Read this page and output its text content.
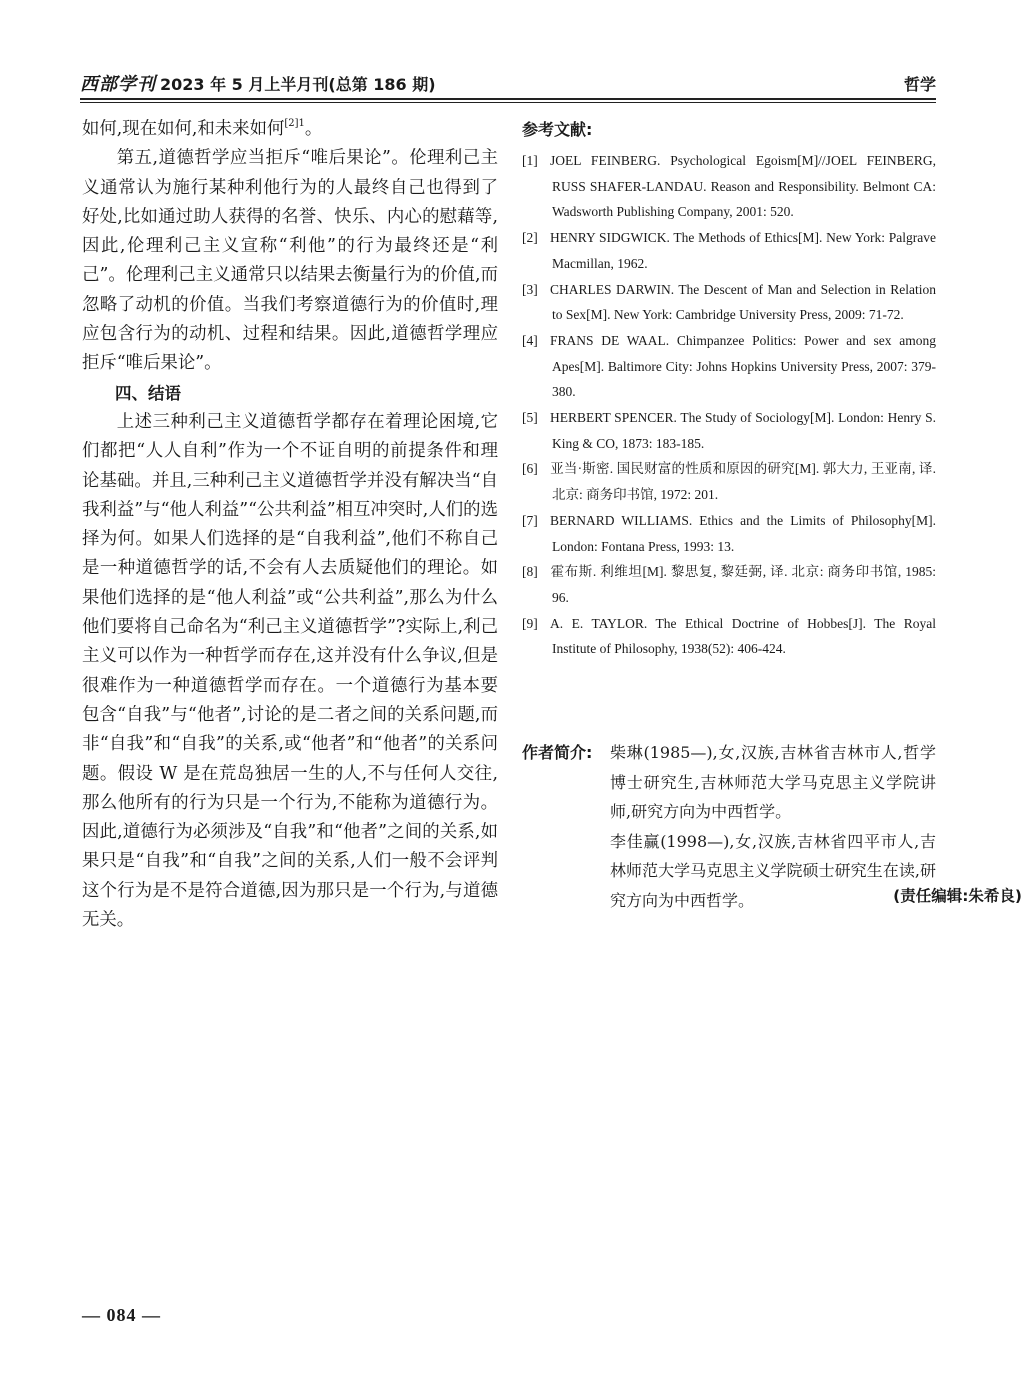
西部学刊 2023 年 5 月上半月刊(总第 186 期)	哲学

如何,现在如何,和未来如何$^{[2]1}$。

第五,道德哲学应当拒斥“唯后果论”。伦理利己主义通常认为施行某种利他行为的人最终自己也得到了好处,比如通过助人获得的名誉、快乐、内心的慰藉等,因此,伦理利己主义宣称“利他”的行为最终还是“利己”。伦理利己主义通常只以结果去衡量行为的价值,而忽略了动机的价值。当我们考察道德行为的价值时,理应包含行为的动机、过程和结果。因此,道德哲学理应拒斥“唯后果论”。

四、结语

上述三种利己主义道德哲学都存在着理论困境,它们都把“人人自利”作为一个不证自明的前提条件和理论基础。并且,三种利己主义道德哲学并没有解决当“自我利益”与“他人利益”“公共利益”相互冲突时,人们的选择为何。如果人们选择的是“自我利益”,他们不称自己是一种道德哲学的话,不会有人去质疑他们的理论。如果他们选择的是“他人利益”或“公共利益”,那么为什么他们要将自己命名为“利己主义道德哲学”?实际上,利己主义可以作为一种哲学而存在,这并没有什么争议,但是很难作为一种道德哲学而存在。一个道德行为基本要包含“自我”与“他者”,讨论的是二者之间的关系问题,而非“自我”和“自我”的关系,或“他者”和“他者”的关系问题。假设 W 是在荒岛独居一生的人,不与任何人交往,那么他所有的行为只是一个行为,不能称为道德行为。因此,道德行为必须涉及“自我”和“他者”之间的关系,如果只是“自我”和“自我”之间的关系,人们一般不会评判这个行为是不是符合道德,因为那只是一个行为,与道德无关。

参考文献:
[1] JOEL FEINBERG. Psychological Egoism[M]//JOEL FEINBERG, RUSS SHAFER-LANDAU. Reason and Responsibility. Belmont CA: Wadsworth Publishing Company, 2001: 520.
[2] HENRY SIDGWICK. The Methods of Ethics[M]. New York: Palgrave Macmillan, 1962.
[3] CHARLES DARWIN. The Descent of Man and Selection in Relation to Sex[M]. New York: Cambridge University Press, 2009: 71-72.
[4] FRANS DE WAAL. Chimpanzee Politics: Power and sex among Apes[M]. Baltimore City: Johns Hopkins University Press, 2007: 379-380.
[5] HERBERT SPENCER. The Study of Sociology[M]. London: Henry S. King & CO, 1873: 183-185.
[6] 亚当·斯密. 国民财富的性质和原因的研究[M]. 郭大力, 王亚南, 译. 北京: 商务印书馆, 1972: 201.
[7] BERNARD WILLIAMS. Ethics and the Limits of Philosophy[M]. London: Fontana Press, 1993: 13.
[8] 霍布斯. 利维坦[M]. 黎思复, 黎廷弼, 译. 北京: 商务印书馆, 1985: 96.
[9] A. E. TAYLOR. The Ethical Doctrine of Hobbes[J]. The Royal Institute of Philosophy, 1938(52): 406-424.
作者简介: 柴琳(1985—),女,汉族,吉林省吉林市人,哲学博士研究生,吉林师范大学马克思主义学院讲师,研究方向为中西哲学。
李佳赢(1998—),女,汉族,吉林省四平市人,吉林师范大学马克思主义学院硕士研究生在读,研究方向为中西哲学。	(责任编辑:朱希良)
— 084 —
